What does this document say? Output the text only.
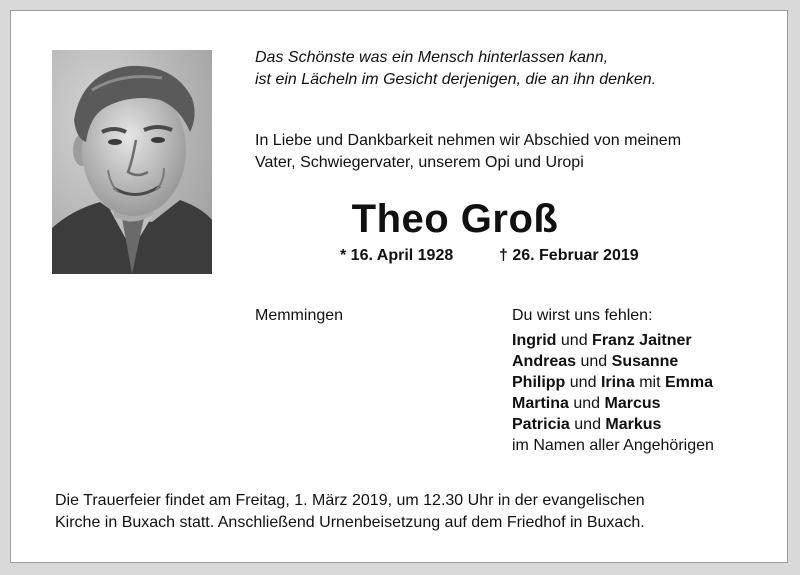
Das Schönste was ein Mensch hinterlassen kann,
ist ein Lächeln im Gesicht derjenigen, die an ihn denken.
In Liebe und Dankbarkeit nehmen wir Abschied von meinem
Vater, Schwiegervater, unserem Opi und Uropi
Theo Groß
* 16. April 1928	† 26. Februar 2019
Memmingen	Du wirst uns fehlen:
Ingrid und Franz Jaitner
Andreas und Susanne
Philipp und Irina mit Emma
Martina und Marcus
Patricia und Markus
im Namen aller Angehörigen
Die Trauerfeier findet am Freitag, 1. März 2019, um 12.30 Uhr in der evangelischen
Kirche in Buxach statt. Anschließend Urnenbeisetzung auf dem Friedhof in Buxach.
